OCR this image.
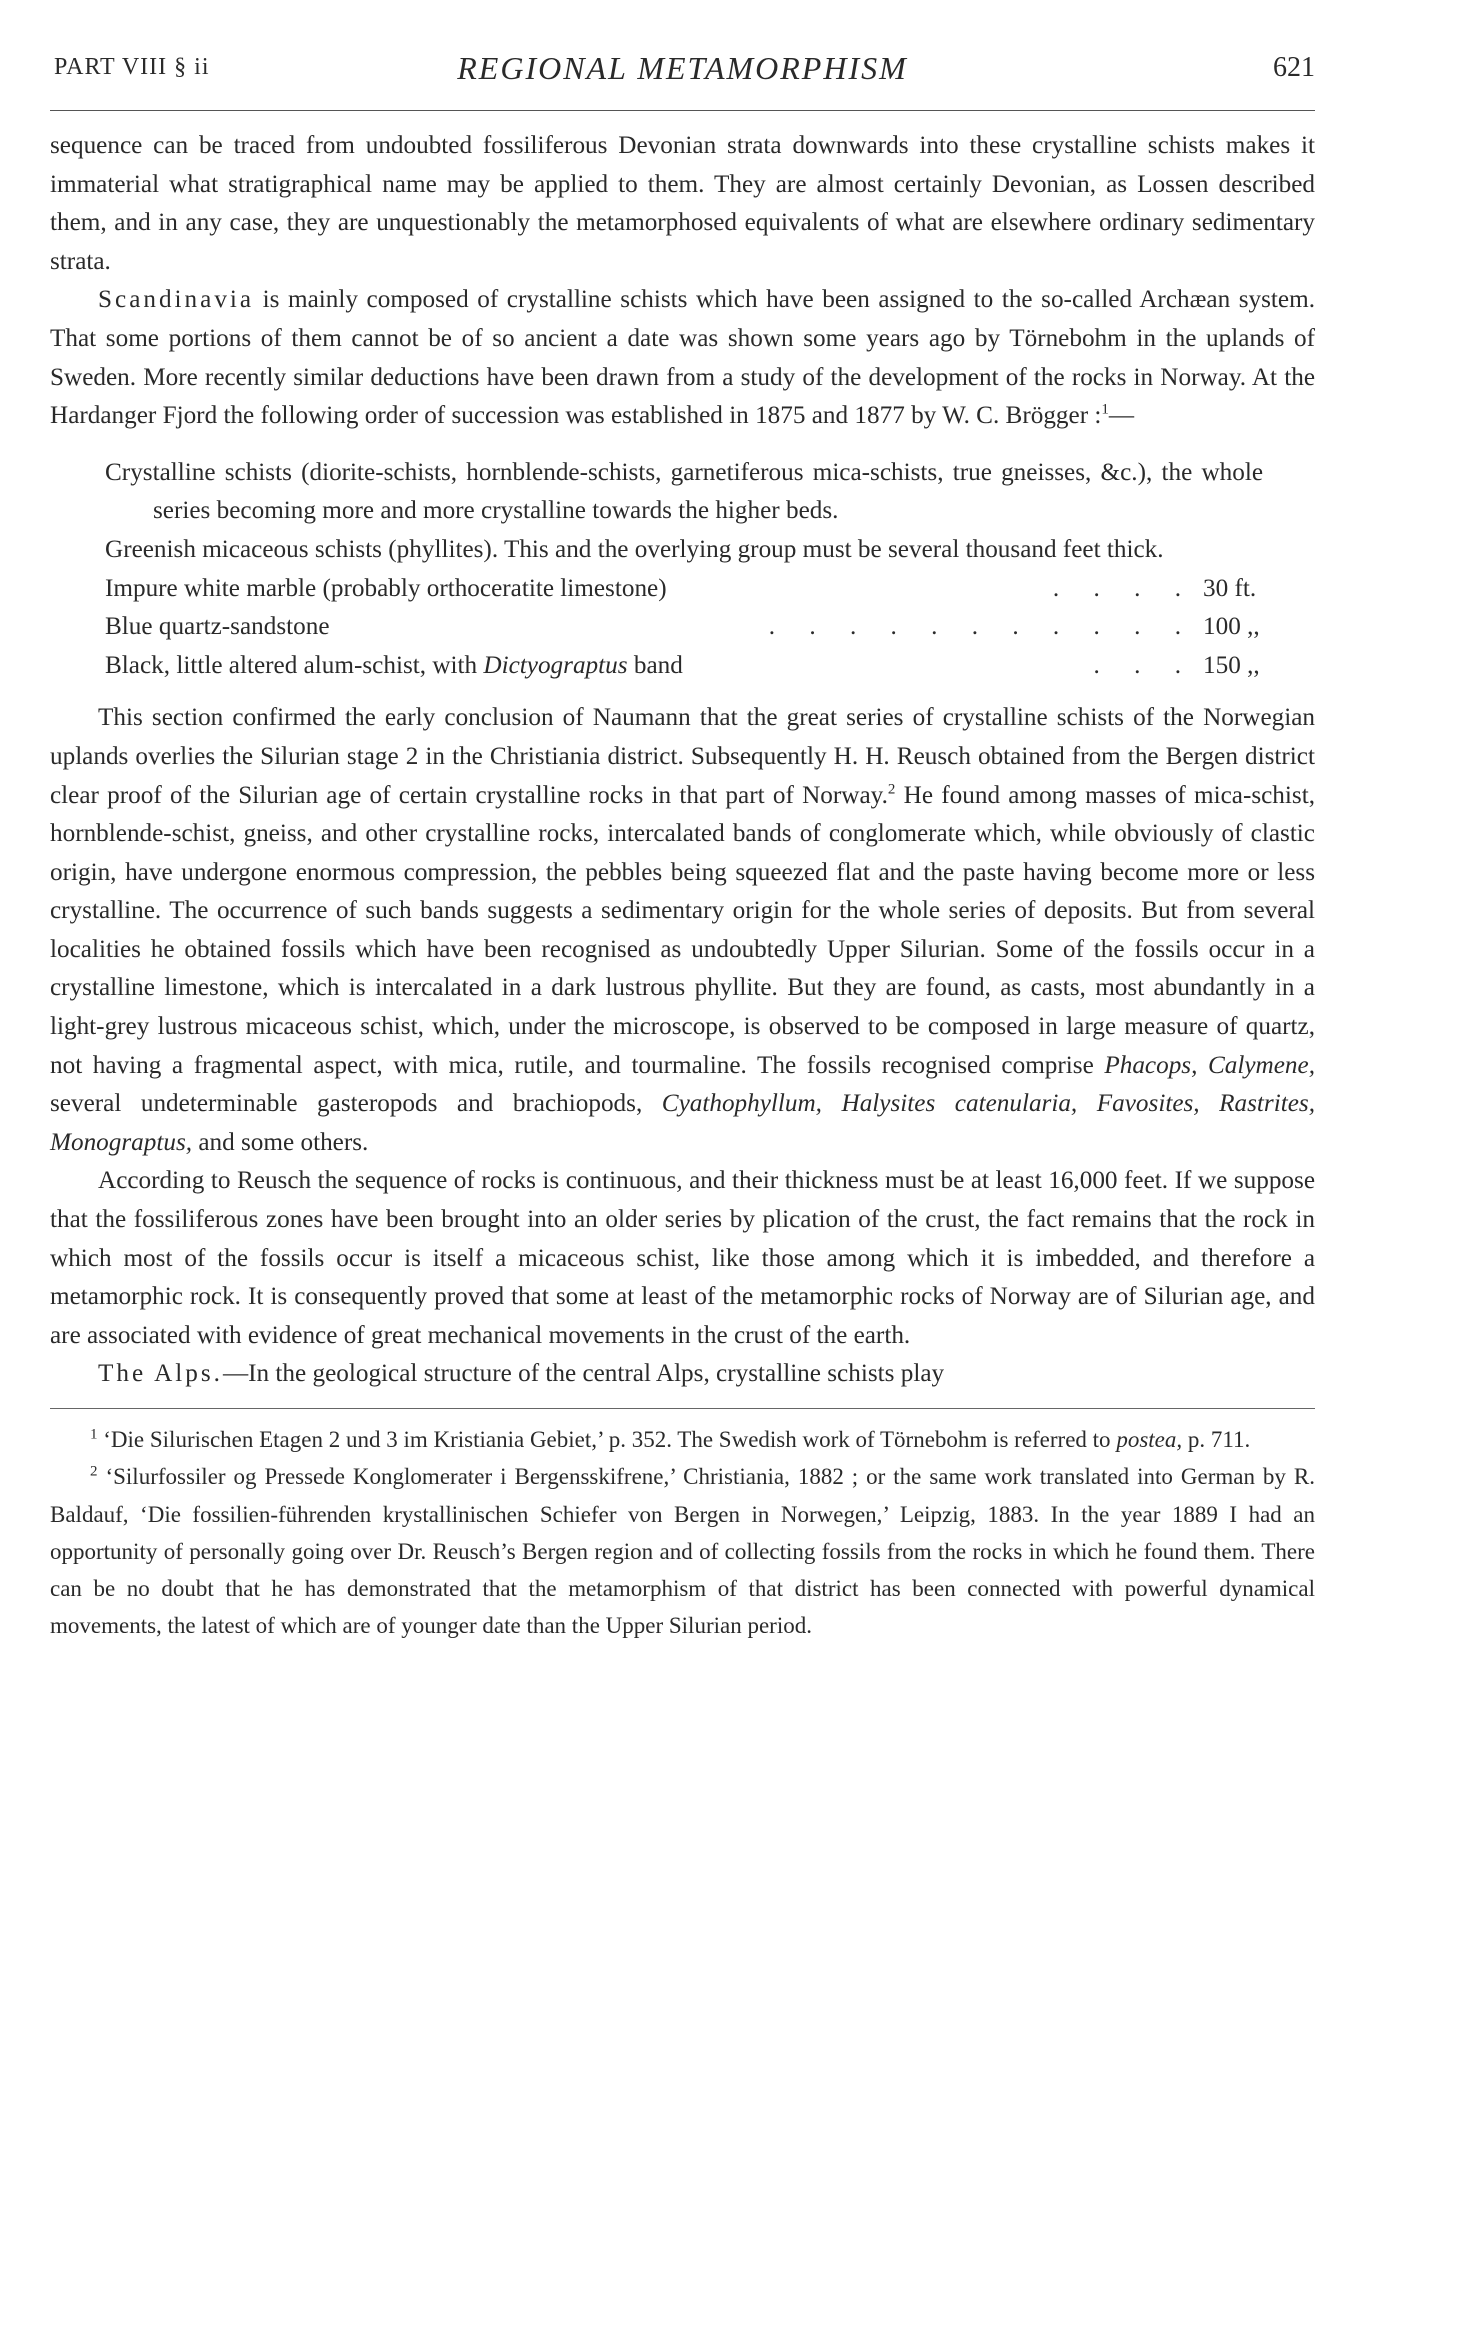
PART VIII § ii	REGIONAL METAMORPHISM	621

sequence can be traced from undoubted fossiliferous Devonian strata downwards into these crystalline schists makes it immaterial what stratigraphical name may be applied to them. They are almost certainly Devonian, as Lossen described them, and in any case, they are unquestionably the metamorphosed equivalents of what are elsewhere ordinary sedimentary strata.

Scandinavia is mainly composed of crystalline schists which have been assigned to the so-called Archæan system. That some portions of them cannot be of so ancient a date was shown some years ago by Törnebohm in the uplands of Sweden. More recently similar deductions have been drawn from a study of the development of the rocks in Norway. At the Hardanger Fjord the following order of succession was established in 1875 and 1877 by W. C. Brögger :$^1$—

Crystalline schists (diorite-schists, hornblende-schists, garnetiferous mica-schists, true gneisses, &c.), the whole series becoming more and more crystalline towards the higher beds.
Greenish micaceous schists (phyllites). This and the overlying group must be several thousand feet thick.
Impure white marble (probably orthoceratite limestone)	. . . . 30 ft.
Blue quartz-sandstone	. . . . . . . . . . . 100 ,,
Black, little altered alum-schist, with Dictyograptus band	. . . 150 ,,

This section confirmed the early conclusion of Naumann that the great series of crystalline schists of the Norwegian uplands overlies the Silurian stage 2 in the Christiania district. Subsequently H. H. Reusch obtained from the Bergen district clear proof of the Silurian age of certain crystalline rocks in that part of Norway.$^2$ He found among masses of mica-schist, hornblende-schist, gneiss, and other crystalline rocks, intercalated bands of conglomerate which, while obviously of clastic origin, have undergone enormous compression, the pebbles being squeezed flat and the paste having become more or less crystalline. The occurrence of such bands suggests a sedimentary origin for the whole series of deposits. But from several localities he obtained fossils which have been recognised as undoubtedly Upper Silurian. Some of the fossils occur in a crystalline limestone, which is intercalated in a dark lustrous phyllite. But they are found, as casts, most abundantly in a light-grey lustrous micaceous schist, which, under the microscope, is observed to be composed in large measure of quartz, not having a fragmental aspect, with mica, rutile, and tourmaline. The fossils recognised comprise Phacops, Calymene, several undeterminable gasteropods and brachiopods, Cyathophyllum, Halysites catenularia, Favosites, Rastrites, Monograptus, and some others.

According to Reusch the sequence of rocks is continuous, and their thickness must be at least 16,000 feet. If we suppose that the fossiliferous zones have been brought into an older series by plication of the crust, the fact remains that the rock in which most of the fossils occur is itself a micaceous schist, like those among which it is imbedded, and therefore a metamorphic rock. It is consequently proved that some at least of the metamorphic rocks of Norway are of Silurian age, and are associated with evidence of great mechanical movements in the crust of the earth.

The Alps.—In the geological structure of the central Alps, crystalline schists play

$^1$ ‘Die Silurischen Etagen 2 und 3 im Kristiania Gebiet,’ p. 352. The Swedish work of Törnebohm is referred to postea, p. 711.

$^2$ ‘Silurfossiler og Pressede Konglomerater i Bergensskifrene,’ Christiania, 1882 ; or the same work translated into German by R. Baldauf, ‘Die fossilien-führenden krystallinischen Schiefer von Bergen in Norwegen,’ Leipzig, 1883. In the year 1889 I had an opportunity of personally going over Dr. Reusch’s Bergen region and of collecting fossils from the rocks in which he found them. There can be no doubt that he has demonstrated that the metamorphism of that district has been connected with powerful dynamical movements, the latest of which are of younger date than the Upper Silurian period.
